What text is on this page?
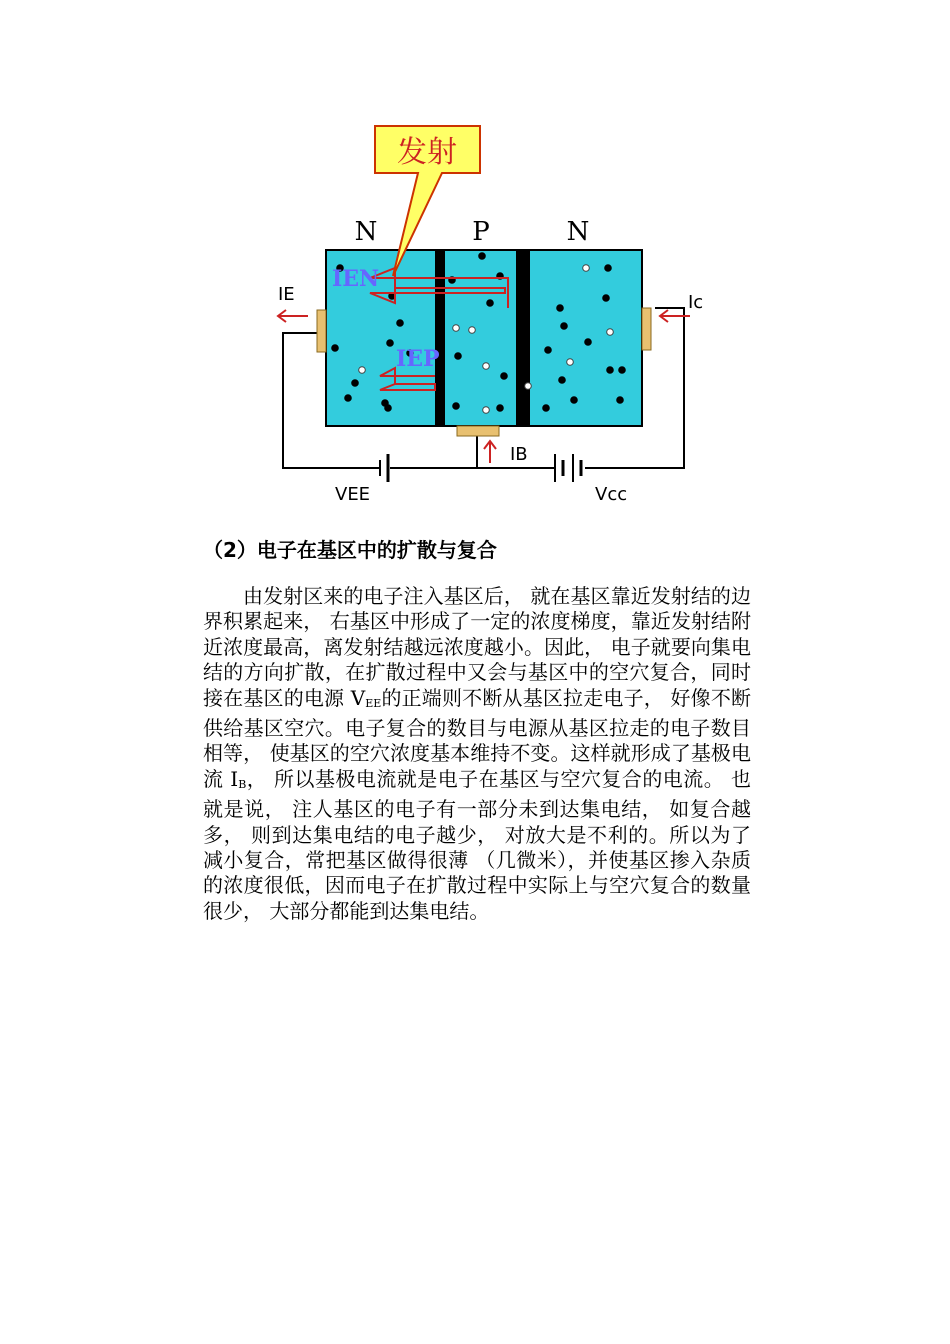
发射
N	P	N
IEN
IEP
IE	Ic
IB
VEE	Vcc
（2）电子在基区中的扩散与复合

由发射区来的电子注入基区后， 就在基区靠近发射结的边界积累起来， 右基区中形成了一定的浓度梯度，靠近发射结附近浓度最高，离发射结越远浓度越小。因此， 电子就要向集电结的方向扩散，在扩散过程中又会与基区中的空穴复合，同时接在基区的电源 $V_{EE}$的正端则不断从基区拉走电子， 好像不断供给基区空穴。电子复合的数目与电源从基区拉走的电子数目相等， 使基区的空穴浓度基本维持不变。这样就形成了基极电流 $I_B$， 所以基极电流就是电子在基区与空穴复合的电流。 也就是说， 注人基区的电子有一部分未到达集电结， 如复合越多， 则到达集电结的电子越少， 对放大是不利的。所以为了减小复合，常把基区做得很薄 （几微米），并使基区掺入杂质的浓度很低，因而电子在扩散过程中实际上与空穴复合的数量很少， 大部分都能到达集电结。
